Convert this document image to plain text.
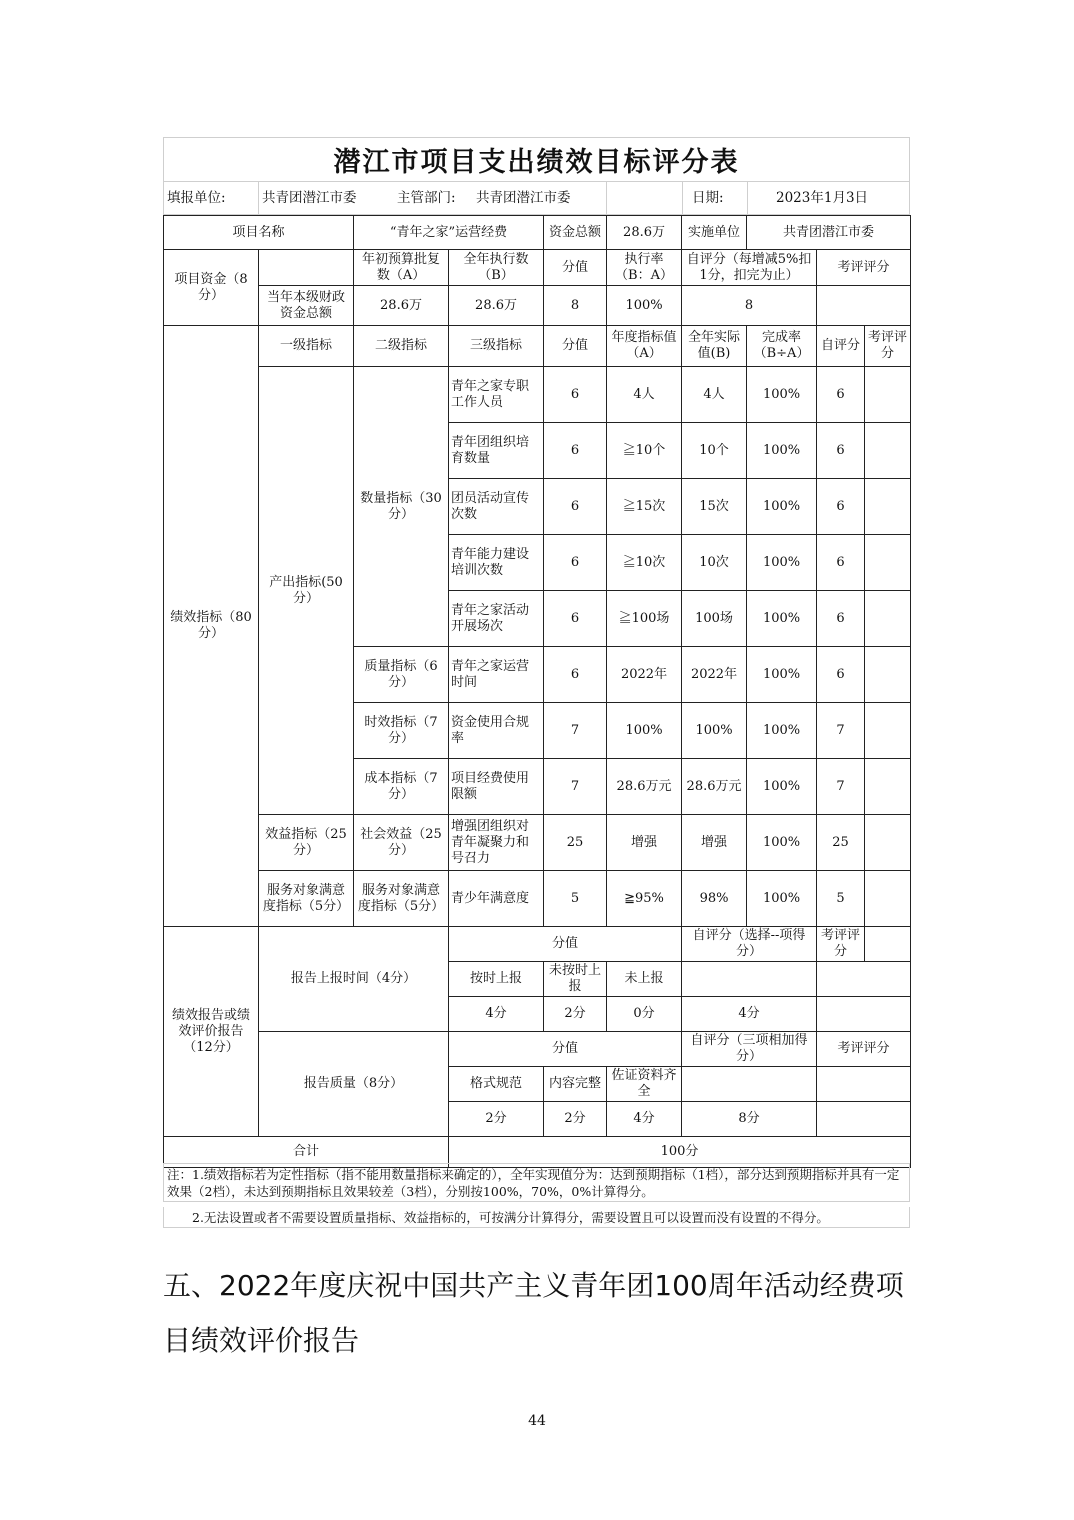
潜江市项目支出绩效目标评分表
填报单位:	共青团潜江市委	主管部门: 共青团潜江市委	日期:	2023年1月3日
项目名称		“青年之家”运营经费		资金总额	28.6万	实施单位	共青团潜江市委		
项目资金（8分）		年初预算批复数（A）	全年执行数（B）	分值	执行率（B：A）	自评分（每增减5%扣1分，扣完为止）		考评评分	
	当年本级财政资金总额	28.6万	28.6万	8	100%	8			
绩效指标（80分）	一级指标	二级指标	三级指标	分值	年度指标值（A）	全年实际值(B)	完成率（B÷A）	自评分	考评评分
	产出指标(50分）	数量指标（30分）	青年之家专职工作人员	6	4人	4人	100%	6	
			青年团组织培育数量	6	≧10个	10个	100%	6	
			团员活动宣传次数	6	≧15次	15次	100%	6	
			青年能力建设培训次数	6	≧10次	10次	100%	6	
			青年之家活动开展场次	6	≧100场	100场	100%	6	
		质量指标（6分）	青年之家运营时间	6	2022年	2022年	100%	6	
		时效指标（7分）	资金使用合规率	7	100%	100%	100%	7	
		成本指标（7分）	项目经费使用限额	7	28.6万元	28.6万元	100%	7	
	效益指标（25分）	社会效益（25分）	增强团组织对青年凝聚力和号召力	25	增强	增强	100%	25	
	服务对象满意度指标（5分）	服务对象满意度指标（5分）	青少年满意度	5	≧95%	98%	100%	5	
绩效报告或绩效评价报告（12分）	报告上报时间（4分）		分值			自评分（选择--项得分）		考评评分	
			按时上报	未按时上报	未上报				
			4分	2分	0分	4分			
	报告质量（8分）		分值			自评分（三项相加得分）		考评评分	
			格式规范	内容完整	佐证资料齐全				
			2分	2分	4分	8分			
合计			100分						
注：1.绩效指标若为定性指标（指不能用数量指标来确定的），全年实现值分为：达到预期指标（1档），部分达到预期指标并具有一定效果（2档），未达到预期指标且效果较差（3档），分别按100%，70%，0%计算得分。
　　2.无法设置或者不需要设置质量指标、效益指标的，可按满分计算得分，需要设置且可以设置而没有设置的不得分。
五、2022年度庆祝中国共产主义青年团100周年活动经费项目绩效评价报告
44
